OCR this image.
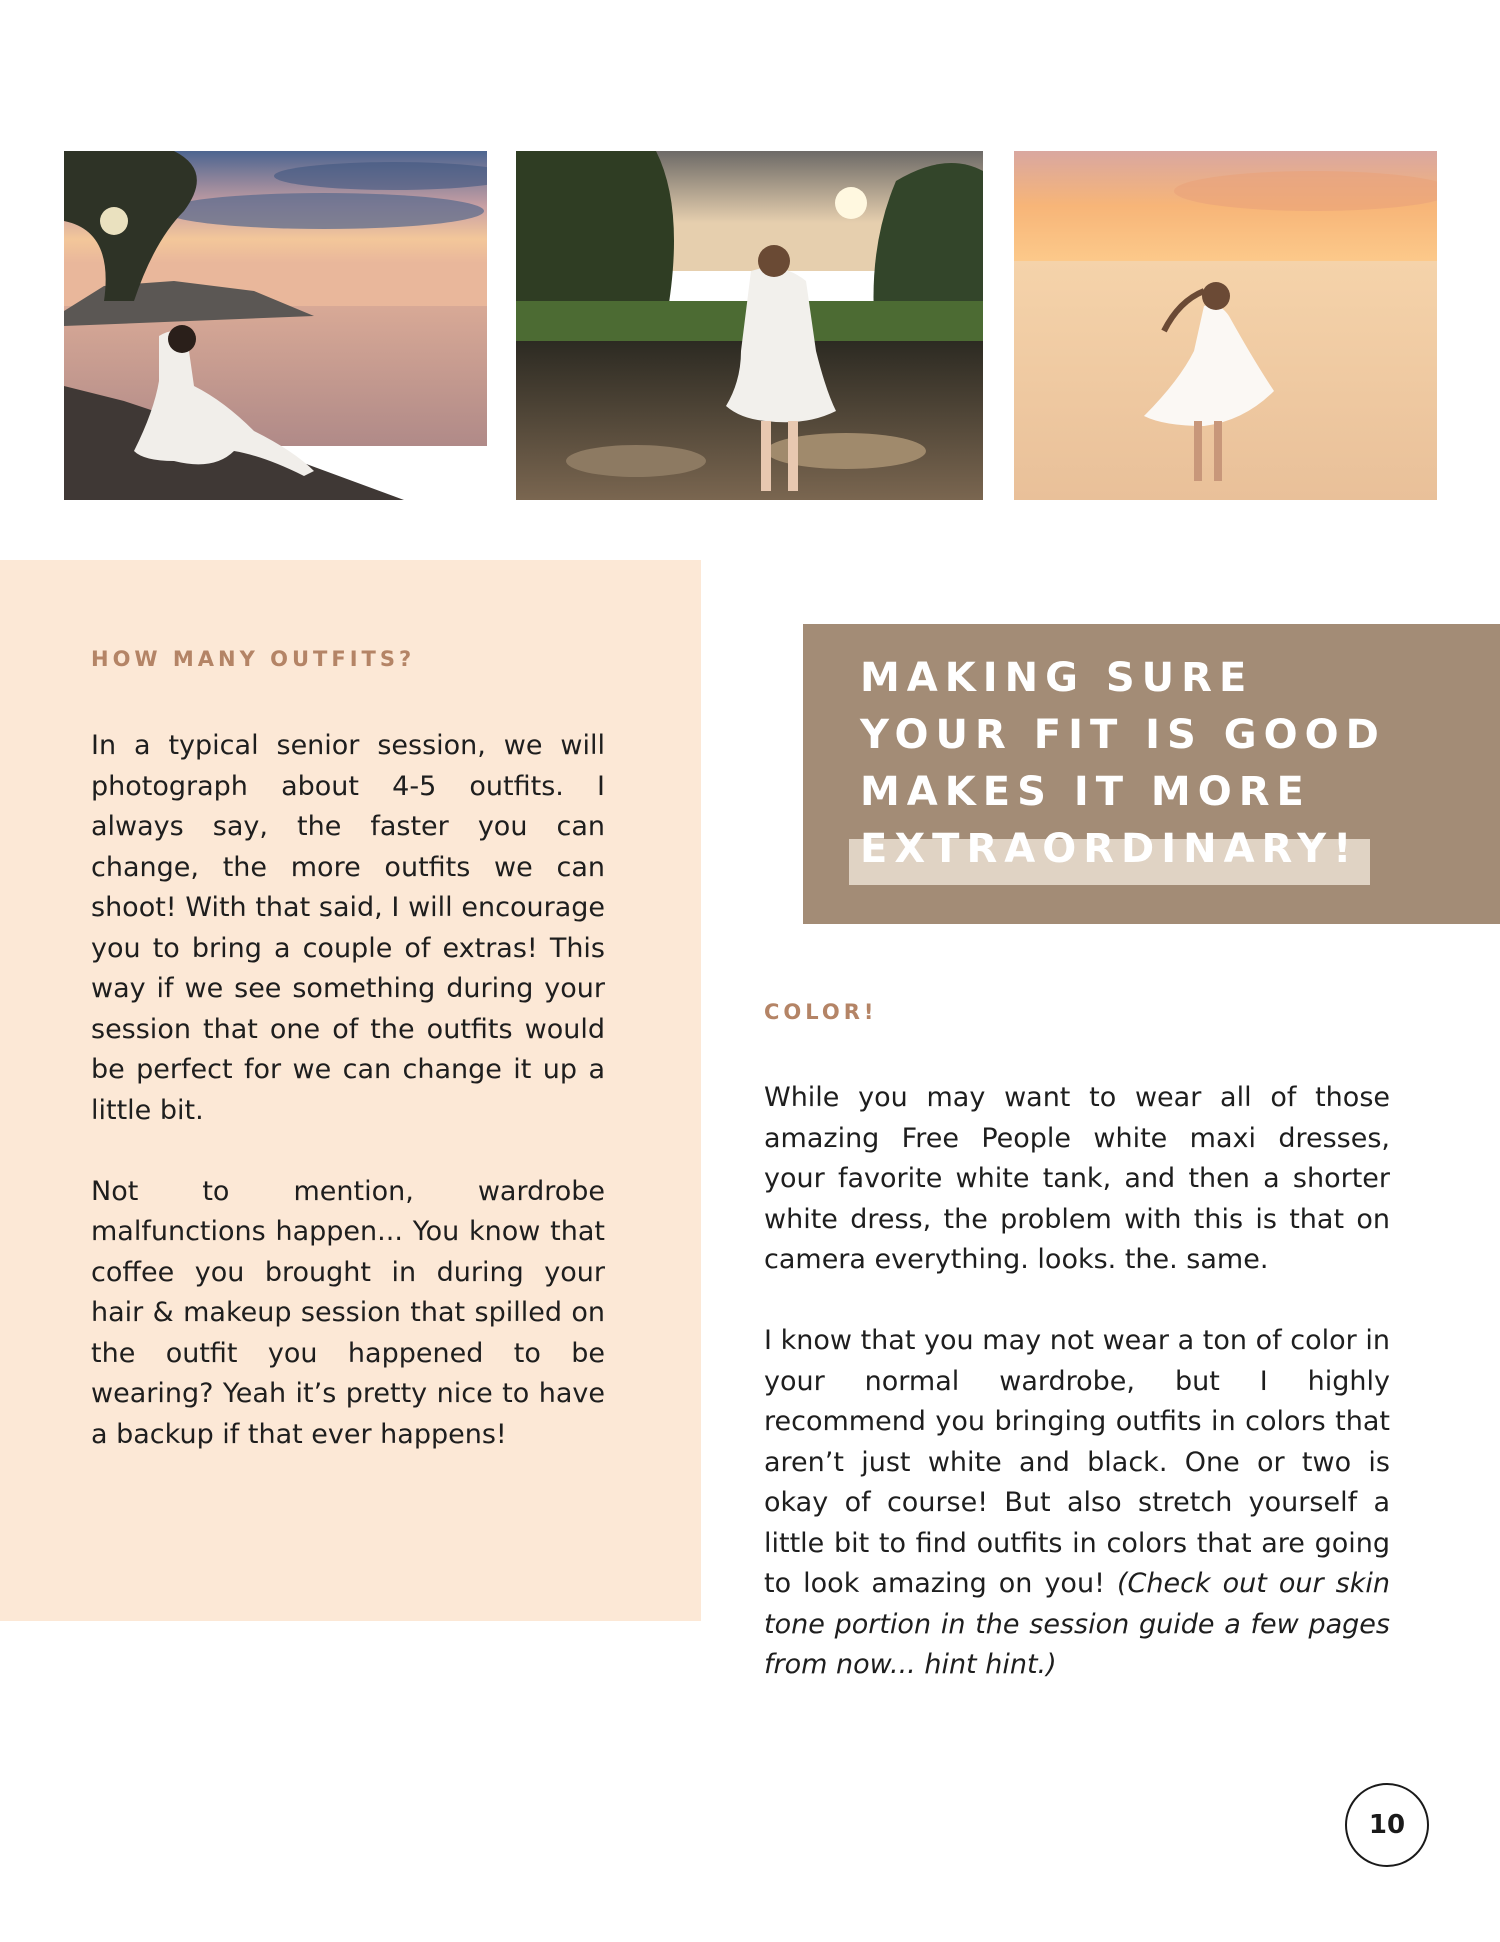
HOW MANY OUTFITS?

In a typical senior session, we will photograph about 4-5 outfits. I always say, the faster you can change, the more outfits we can shoot! With that said, I will encourage you to bring a couple of extras! This way if we see something during your session that one of the outfits would be perfect for we can change it up a little bit.

Not to mention, wardrobe malfunctions happen... You know that coffee you brought in during your hair & makeup session that spilled on the outfit you happened to be wearing? Yeah it’s pretty nice to have a backup if that ever happens!

MAKING SURE
YOUR FIT IS GOOD
MAKES IT MORE
EXTRAORDINARY!
COLOR!

While you may want to wear all of those amazing Free People white maxi dresses, your favorite white tank, and then a shorter white dress, the problem with this is that on camera everything. looks. the. same.

I know that you may not wear a ton of color in your normal wardrobe, but I highly recommend you bringing outfits in colors that aren’t just white and black. One or two is okay of course! But also stretch yourself a little bit to find outfits in colors that are going to look amazing on you! (Check out our skin tone portion in the session guide a few pages from now... hint hint.)

10
